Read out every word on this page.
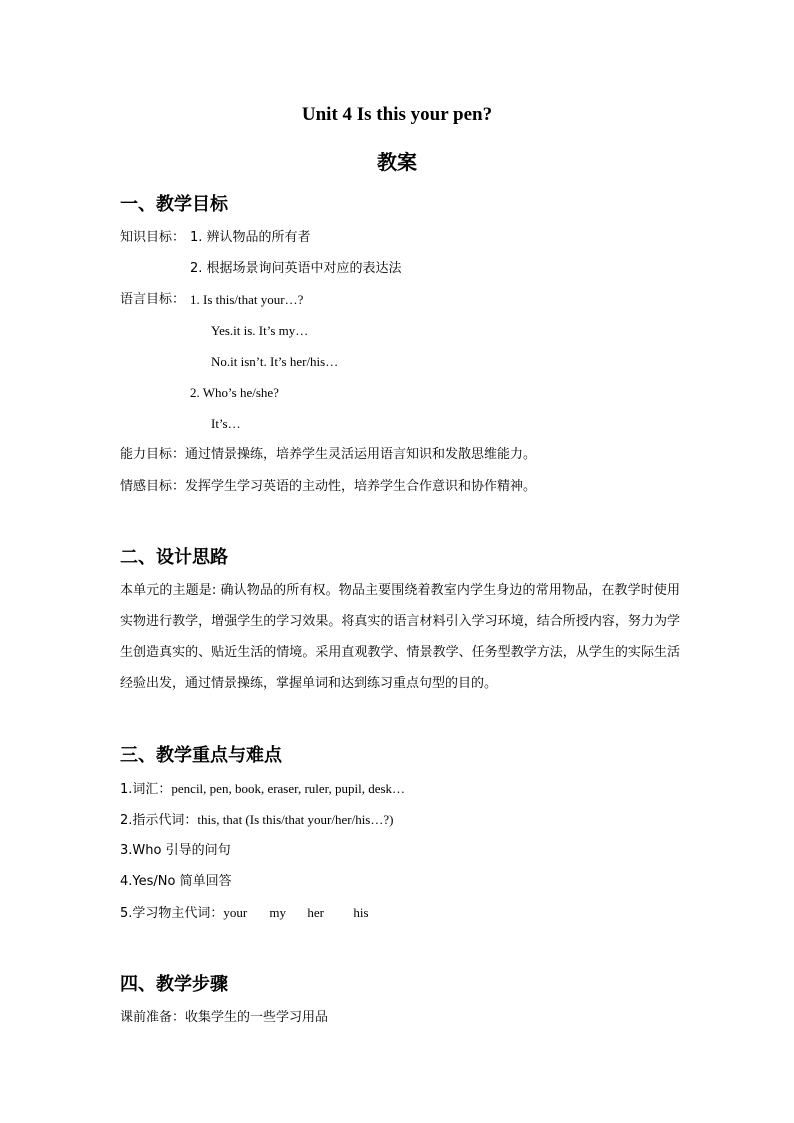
Unit 4 Is this your pen?
教案
一、教学目标
知识目标： 1. 辨认物品的所有者
2. 根据场景询问英语中对应的表达法
语言目标： 1. Is this/that your…?
Yes.it is. It’s my…
No.it isn’t. It’s her/his…
2. Who’s he/she?
It’s…
能力目标：通过情景操练，培养学生灵活运用语言知识和发散思维能力。
情感目标：发挥学生学习英语的主动性，培养学生合作意识和协作精神。
二、设计思路
本单元的主题是: 确认物品的所有权。物品主要围绕着教室内学生身边的常用物品，在教学时使用实物进行教学，增强学生的学习效果。将真实的语言材料引入学习环境，结合所授内容，努力为学生创造真实的、贴近生活的情境。采用直观教学、情景教学、任务型教学方法，从学生的实际生活经验出发，通过情景操练，掌握单词和达到练习重点句型的目的。
三、教学重点与难点
1.词汇：pencil, pen, book, eraser, ruler, pupil, desk…
2.指示代词：this, that (Is this/that your/her/his…?)
3.Who 引导的问句
4.Yes/No 简单回答
5.学习物主代词：your my her his
四、教学步骤
课前准备：收集学生的一些学习用品
